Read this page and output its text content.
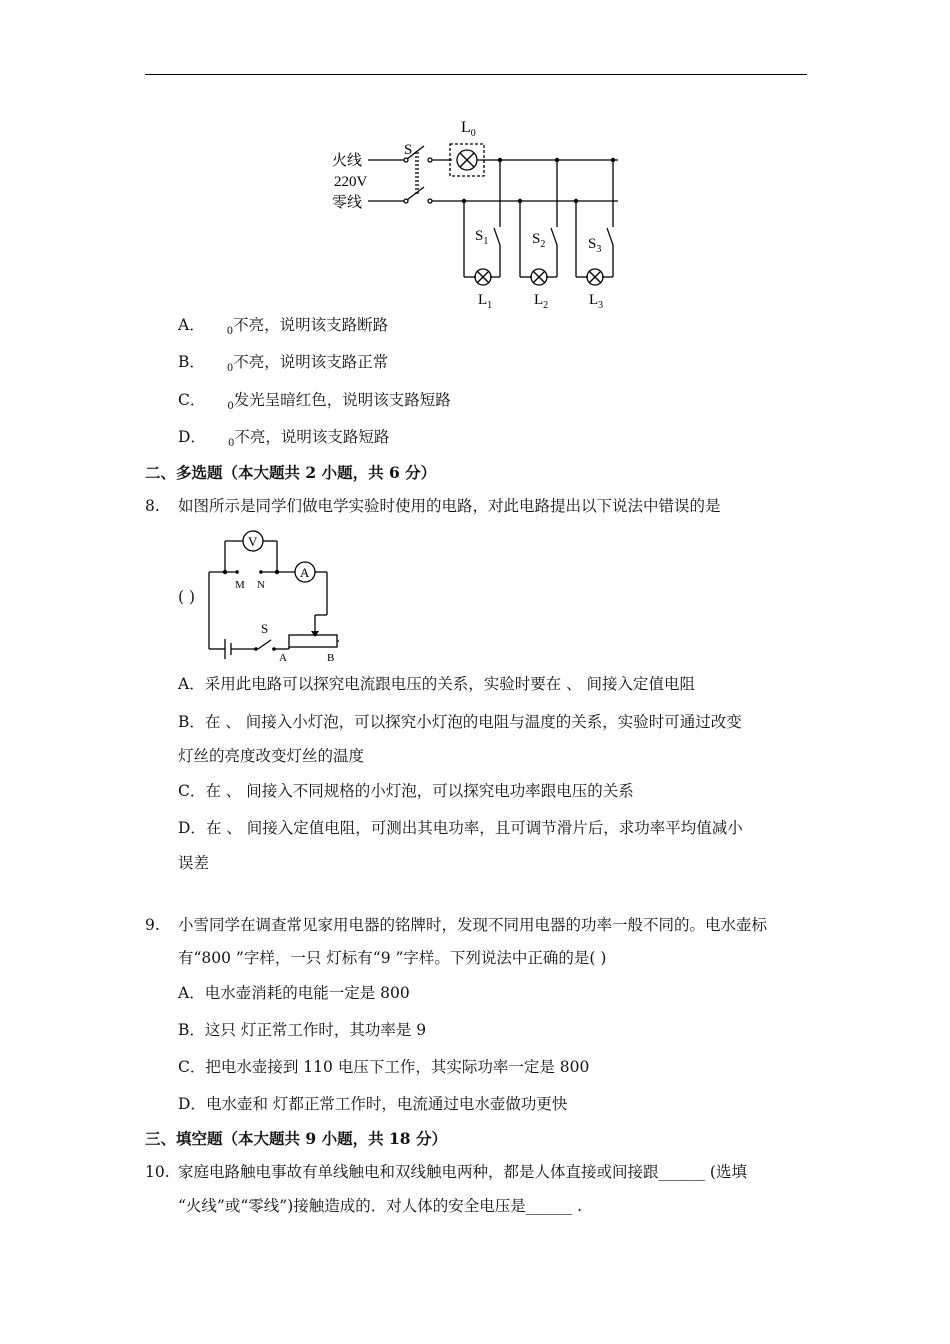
火线
220V
零线
S
$L_0$
$S_1$	$S_2$	$S_3$
$L_1$	$L_2$	$L_3$
A． $_0$不亮，说明该支路断路
B． $_0$不亮，说明该支路正常
C． $_0$发光呈暗红色，说明该支路短路
D． $_0$不亮，说明该支路短路
二、多选题（本大题共 2 小题，共 6 分）
8. 如图所示是同学们做电学实验时使用的电路，对此电路提出以下说法中错误的是
( )
V
A
M N
S
A	B
A．采用此电路可以探究电流跟电压的关系，实验时要在 、 间接入定值电阻
B．在 、 间接入小灯泡，可以探究小灯泡的电阻与温度的关系，实验时可通过改变
灯丝的亮度改变灯丝的温度
C．在 、 间接入不同规格的小灯泡，可以探究电功率跟电压的关系
D．在 、 间接入定值电阻，可测出其电功率，且可调节滑片后，求功率平均值减小
误差
9. 小雪同学在调查常见家用电器的铭牌时，发现不同用电器的功率一般不同的。电水壶标
有“800 ”字样，一只 灯标有“9 ”字样。下列说法中正确的是( )
A．电水壶消耗的电能一定是 800
B．这只 灯正常工作时，其功率是 9
C．把电水壶接到 110 电压下工作，其实际功率一定是 800
D．电水壶和 灯都正常工作时，电流通过电水壶做功更快
三、填空题（本大题共 9 小题，共 18 分）
10. 家庭电路触电事故有单线触电和双线触电两种，都是人体直接或间接跟______ (选填
“火线”或“零线”)接触造成的．对人体的安全电压是______ .
